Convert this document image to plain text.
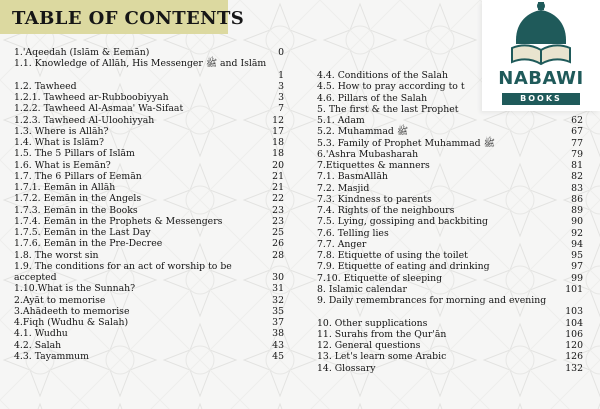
TABLE OF CONTENTS
1.'Aqeedah (Islām & Eemān)	0
1.1. Knowledge of Allāh, His Messenger ﷺ and Islām
1
1.2. Tawheed	3
1.2.1. Tawheed ar-Rubboobiyyah	3
1.2.2. Tawheed Al-Asmaa' Wa-Sifaat	7
1.2.3. Tawheed Al-Uloohiyyah	12
1.3. Where is Allāh?	17
1.4. What is Islām?	18
1.5. The 5 Pillars of Islām	18
1.6. What is Eemān?	20
1.7. The 6 Pillars of Eemān	21
1.7.1. Eemān in Allāh	21
1.7.2. Eemān in the Angels	22
1.7.3. Eemān in the Books	23
1.7.4. Eemān in the Prophets & Messengers	23
1.7.5. Eemān in the Last Day	25
1.7.6. Eemān in the Pre-Decree	26
1.8. The worst sin	28
1.9. The conditions for an act of worship to be accepted	30
1.10.What is the Sunnah?	31
2.Ayāt to memorise	32
3.Ahādeeth to memorise	35
4.Fiqh (Wudhu & Salah)	37
4.1. Wudhu	38
4.2. Salah	43
4.3. Tayammum	45
4.4. Conditions of the Salah
4.5. How to pray according to t
4.6. Pillars of the Salah
5. The first & the last Prophet
5.1. Adam	62
5.2. Muhammad ﷺ	67
5.3. Family of Prophet Muhammad ﷺ	77
6.'Ashra Mubasharah	79
7.Etiquettes & manners	81
7.1. BasmAllāh	82
7.2. Masjid	83
7.3. Kindness to parents	86
7.4. Rights of the neighbours	89
7.5. Lying, gossiping and backbiting	90
7.6. Telling lies	92
7.7. Anger	94
7.8. Etiquette of using the toilet	95
7.9. Etiquette of eating and drinking	97
7.10. Etiquette of sleeping	99
8. Islamic calendar	101
9. Daily remembrances for morning and evening
103
10. Other supplications	104
11. Surahs from the Qur'ān	106
12. General questions	120
13. Let's learn some Arabic	126
14. Glossary	132
NABAWI
BOOKS
